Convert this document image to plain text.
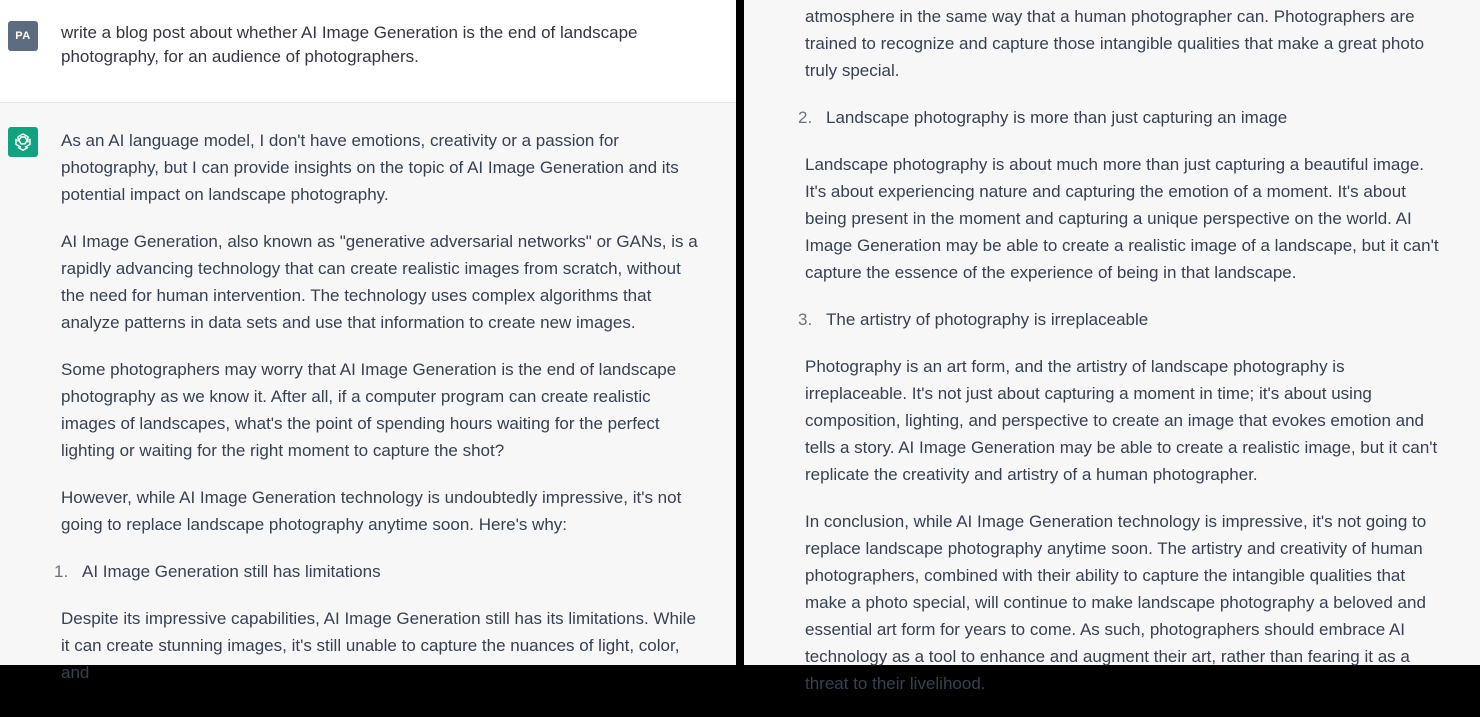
PA	write a blog post about whether AI Image Generation is the end of landscape photography, for an audience of photographers.

As an AI language model, I don't have emotions, creativity or a passion for photography, but I can provide insights on the topic of AI Image Generation and its potential impact on landscape photography.

AI Image Generation, also known as "generative adversarial networks" or GANs, is a rapidly advancing technology that can create realistic images from scratch, without the need for human intervention. The technology uses complex algorithms that analyze patterns in data sets and use that information to create new images.

Some photographers may worry that AI Image Generation is the end of landscape photography as we know it. After all, if a computer program can create realistic images of landscapes, what's the point of spending hours waiting for the perfect lighting or waiting for the right moment to capture the shot?

However, while AI Image Generation technology is undoubtedly impressive, it's not going to replace landscape photography anytime soon. Here's why:

1. AI Image Generation still has limitations

Despite its impressive capabilities, AI Image Generation still has its limitations. While it can create stunning images, it's still unable to capture the nuances of light, color, and

atmosphere in the same way that a human photographer can. Photographers are trained to recognize and capture those intangible qualities that make a great photo truly special.

2. Landscape photography is more than just capturing an image

Landscape photography is about much more than just capturing a beautiful image. It's about experiencing nature and capturing the emotion of a moment. It's about being present in the moment and capturing a unique perspective on the world. AI Image Generation may be able to create a realistic image of a landscape, but it can't capture the essence of the experience of being in that landscape.

3. The artistry of photography is irreplaceable

Photography is an art form, and the artistry of landscape photography is irreplaceable. It's not just about capturing a moment in time; it's about using composition, lighting, and perspective to create an image that evokes emotion and tells a story. AI Image Generation may be able to create a realistic image, but it can't replicate the creativity and artistry of a human photographer.

In conclusion, while AI Image Generation technology is impressive, it's not going to replace landscape photography anytime soon. The artistry and creativity of human photographers, combined with their ability to capture the intangible qualities that make a photo special, will continue to make landscape photography a beloved and essential art form for years to come. As such, photographers should embrace AI technology as a tool to enhance and augment their art, rather than fearing it as a threat to their livelihood.
